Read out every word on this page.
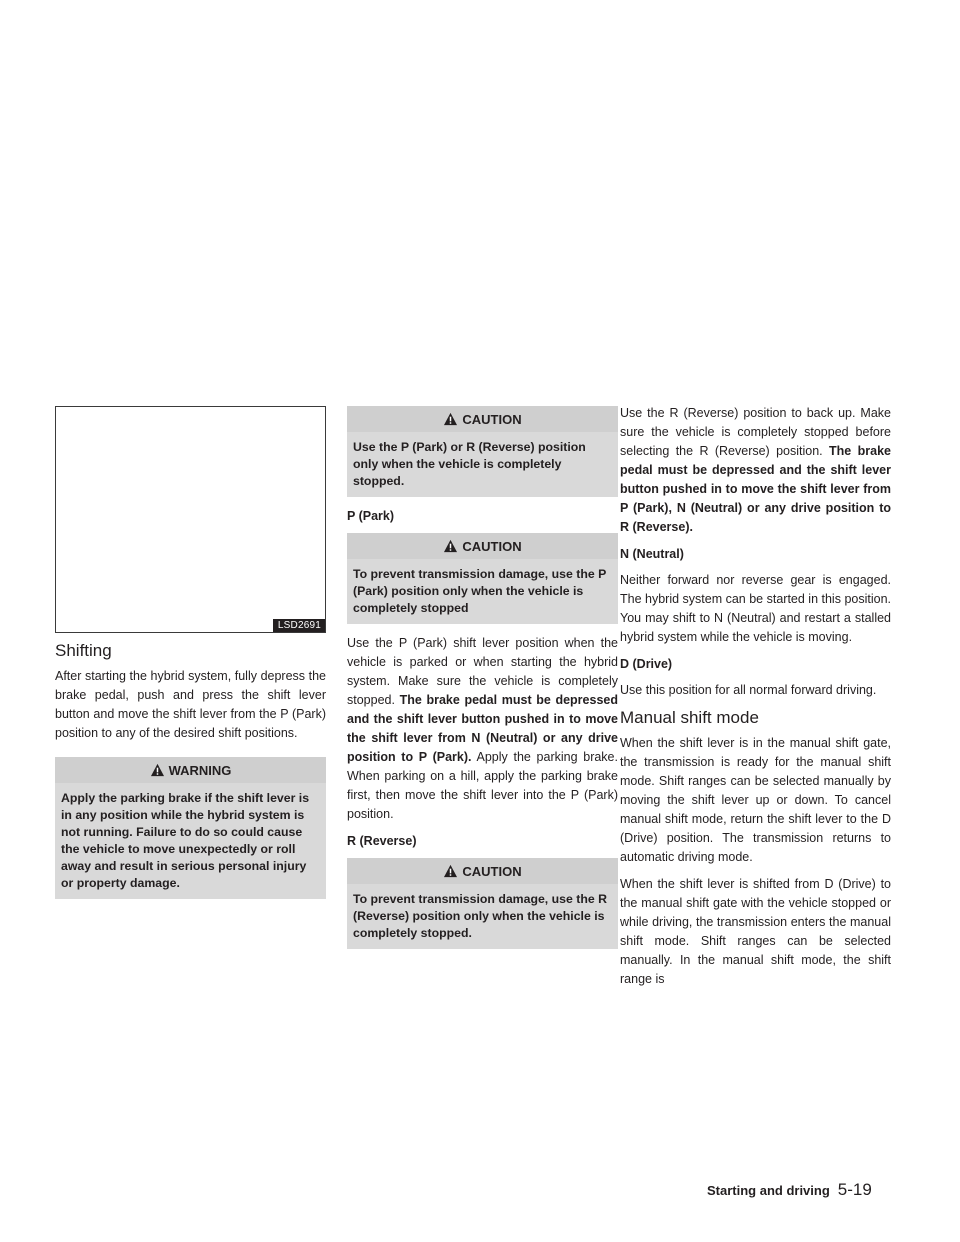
LSD2691
Shifting

After starting the hybrid system, fully depress the brake pedal, push and press the shift lever button and move the shift lever from the P (Park) position to any of the desired shift positions.

WARNING
Apply the parking brake if the shift lever is in any position while the hybrid system is not running. Failure to do so could cause the vehicle to move unexpectedly or roll away and result in serious personal injury or property damage.
CAUTION
Use the P (Park) or R (Reverse) position only when the vehicle is completely stopped.
P (Park)
CAUTION
To prevent transmission damage, use the P (Park) position only when the vehicle is completely stopped

Use the P (Park) shift lever position when the vehicle is parked or when starting the hybrid system. Make sure the vehicle is completely stopped. The brake pedal must be depressed and the shift lever button pushed in to move the shift lever from N (Neutral) or any drive position to P (Park). Apply the parking brake. When parking on a hill, apply the parking brake first, then move the shift lever into the P (Park) position.

R (Reverse)
CAUTION
To prevent transmission damage, use the R (Reverse) position only when the vehicle is completely stopped.

Use the R (Reverse) position to back up. Make sure the vehicle is completely stopped before selecting the R (Reverse) position. The brake pedal must be depressed and the shift lever button pushed in to move the shift lever from P (Park), N (Neutral) or any drive position to R (Reverse).

N (Neutral)

Neither forward nor reverse gear is engaged. The hybrid system can be started in this position. You may shift to N (Neutral) and restart a stalled hybrid system while the vehicle is moving.

D (Drive)

Use this position for all normal forward driving.

Manual shift mode

When the shift lever is in the manual shift gate, the transmission is ready for the manual shift mode. Shift ranges can be selected manually by moving the shift lever up or down. To cancel manual shift mode, return the shift lever to the D (Drive) position. The transmission returns to automatic driving mode.

When the shift lever is shifted from D (Drive) to the manual shift gate with the vehicle stopped or while driving, the transmission enters the manual shift mode. Shift ranges can be selected manually. In the manual shift mode, the shift range is

Starting and driving 5-19
